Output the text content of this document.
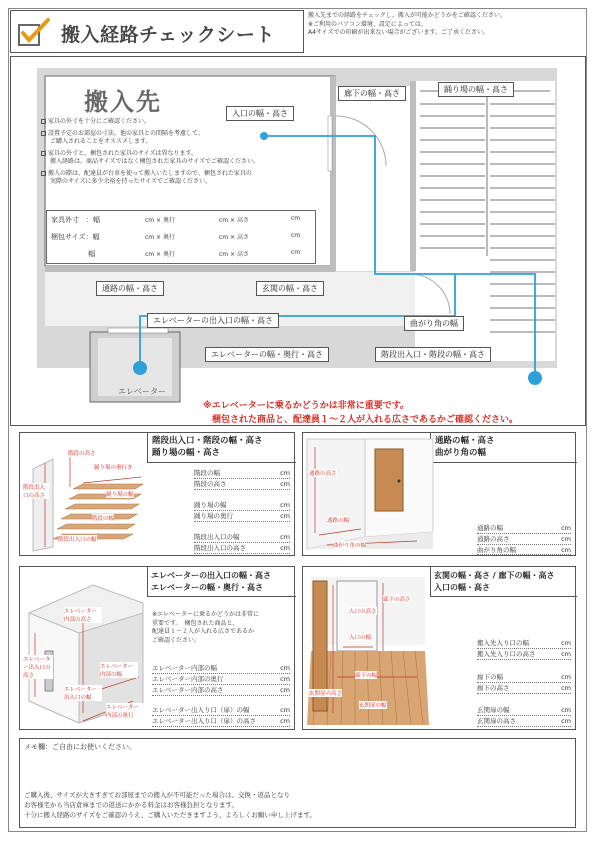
搬入経路チェックシート
搬入先までの経路をチェックし、搬入が可能かどうかをご確認ください。
※ご利用のパソコン環境、設定によっては、
A4サイズでの印刷が出来ない場合がございます。ご了承ください。
搬入先
家具の外寸を十分にご確認ください。
設置予定のお部屋の寸法、他の家具との間隔を考慮して、
ご購入されることをオススメします。
家具の外寸と、梱包された家具のサイズは異なります。
搬入経路は、商品サイズではなく梱包された家具のサイズでご確認ください。
搬入の際は、配達員が台車を使って搬入いたしますので、梱包された家具の
実際のサイズに多少余裕を持ったサイズでご確認ください。
家具外寸　：幅	cm × 奥行	cm × 高さ	cm
梱包サイズ：幅	cm × 奥行	cm × 高さ	cm
　　　　　 幅	cm × 奥行	cm × 高さ	cm
入口の幅・高さ
廊下の幅・高さ	踊り場の幅・高さ
通路の幅・高さ	玄関の幅・高さ
エレベーターの出入口の幅・高さ	曲がり角の幅
エレベーターの幅・奥行・高さ	階段出入口・階段の幅・高さ
エレベーター
※エレベーターに乗るかどうかは非常に重要です。
梱包された商品と、配達員１～２人が入れる広さであるかご確認ください。
階段出入口・階段の幅・高さ
踊り場の幅・高さ
階段の高さ
踊り場の奥行き
階段出入口の高さ	踊り場の幅
階段の幅
階段出入口の幅
階段の幅	cm
階段の高さ	cm
踊り場の幅	cm
踊り場の奥行	cm
階段出入口の幅	cm
階段出入口の高さ	cm
通路の幅・高さ
曲がり角の幅
通路の高さ
通路の幅
曲がり角の幅
通路の幅	cm
通路の高さ	cm
曲がり角の幅	cm
エレベーターの出入口の幅・高さ
エレベーターの幅・奥行・高さ
エレベーター内部の高さ
エレベーター出入口の高さ
エレベーター内部の幅
エレベーター出入口の幅
エレベーター内部の奥行
※エレベーターに乗るかどうかは非常に
重要です。　梱包された商品と、
配達員１～２人が入れる広さであるか
ご確認ください。
エレベーター内部の幅	cm
エレベーター内部の奥行	cm
エレベーター内部の高さ	cm
エレベーター出入り口（扉）の幅	cm
エレベーター出入り口（扉）の高さ	cm
玄関の幅・高さ / 廊下の幅・高さ
入口の幅・高さ
廊下の高さ
入口の高さ
入口の幅
廊下の幅
玄関扉の高さ
玄関扉の幅
搬入先入り口の幅	cm
搬入先入り口の高さ	cm
廊下の幅	cm
廊下の高さ	cm
玄関扉の幅	cm
玄関扉の高さ	cm
メモ欄：ご自由にお使いください。
ご購入後、サイズが大きすぎてお部屋までの搬入が不可能だった場合は、交換・返品となり
お客様宅から当店倉庫までの返送にかかる料金はお客様負担となります。
十分に搬入経路のサイズをご確認のうえ、ご購入いただきますよう、よろしくお願い申し上げます。
